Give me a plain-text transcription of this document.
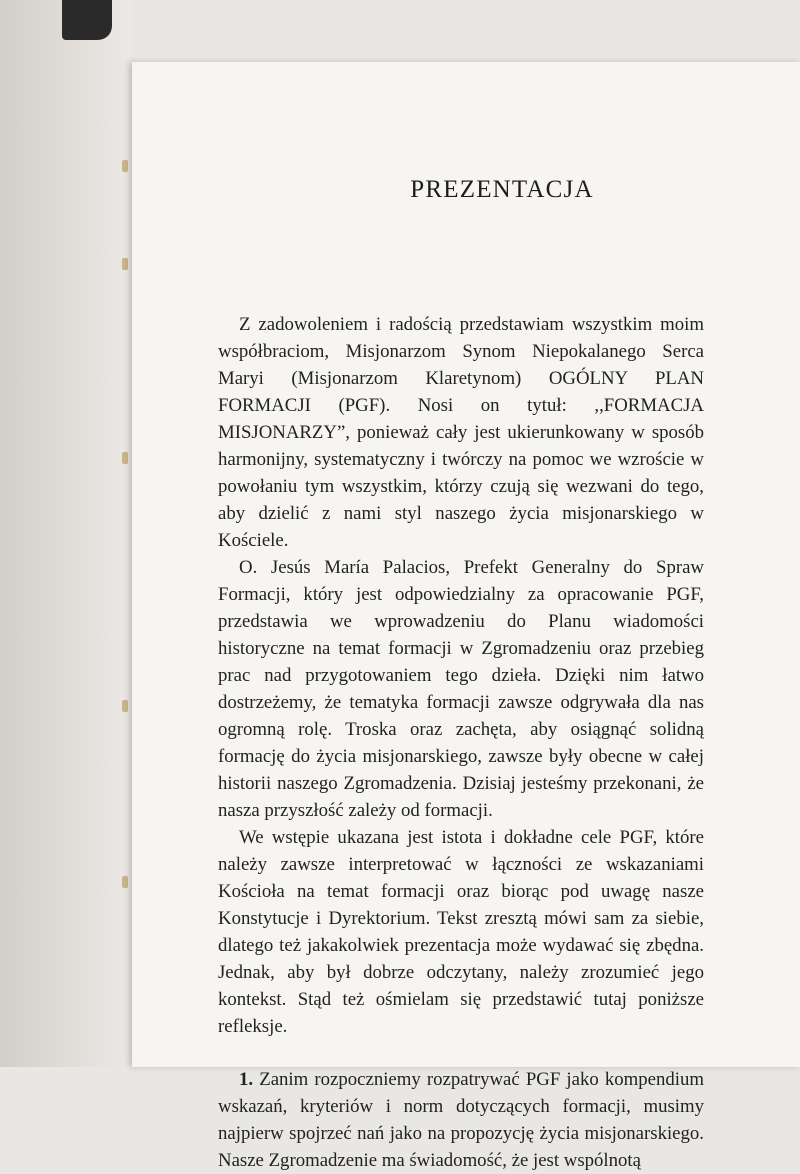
PREZENTACJA

Z zadowoleniem i radością przedstawiam wszystkim moim współbraciom, Misjonarzom Synom Niepokalanego Serca Maryi (Misjonarzom Klaretynom) OGÓLNY PLAN FORMACJI (PGF). Nosi on tytuł: ,,FORMACJA MISJONARZY”, ponieważ cały jest ukierunkowany w sposób harmonijny, systematyczny i twórczy na pomoc we wzroście w powołaniu tym wszystkim, którzy czują się wezwani do tego, aby dzielić z nami styl naszego życia misjonarskiego w Kościele.

O. Jesús María Palacios, Prefekt Generalny do Spraw Formacji, który jest odpowiedzialny za opracowanie PGF, przedstawia we wprowadzeniu do Planu wiadomości historyczne na temat formacji w Zgromadzeniu oraz przebieg prac nad przygotowaniem tego dzieła. Dzięki nim łatwo dostrzeżemy, że tematyka formacji zawsze odgrywała dla nas ogromną rolę. Troska oraz zachęta, aby osiągnąć solidną formację do życia misjonarskiego, zawsze były obecne w całej historii naszego Zgromadzenia. Dzisiaj jesteśmy przekonani, że nasza przyszłość zależy od formacji.

We wstępie ukazana jest istota i dokładne cele PGF, które należy zawsze interpretować w łączności ze wskazaniami Kościoła na temat formacji oraz biorąc pod uwagę nasze Konstytucje i Dyrektorium. Tekst zresztą mówi sam za siebie, dlatego też jakakolwiek prezentacja może wydawać się zbędna. Jednak, aby był dobrze odczytany, należy zrozumieć jego kontekst. Stąd też ośmielam się przedstawić tutaj poniższe refleksje.

1. Zanim rozpoczniemy rozpatrywać PGF jako kompendium wskazań, kryteriów i norm dotyczących formacji, musimy najpierw spojrzeć nań jako na propozycję życia misjonarskiego. Nasze Zgromadzenie ma świadomość, że jest wspólnotą
